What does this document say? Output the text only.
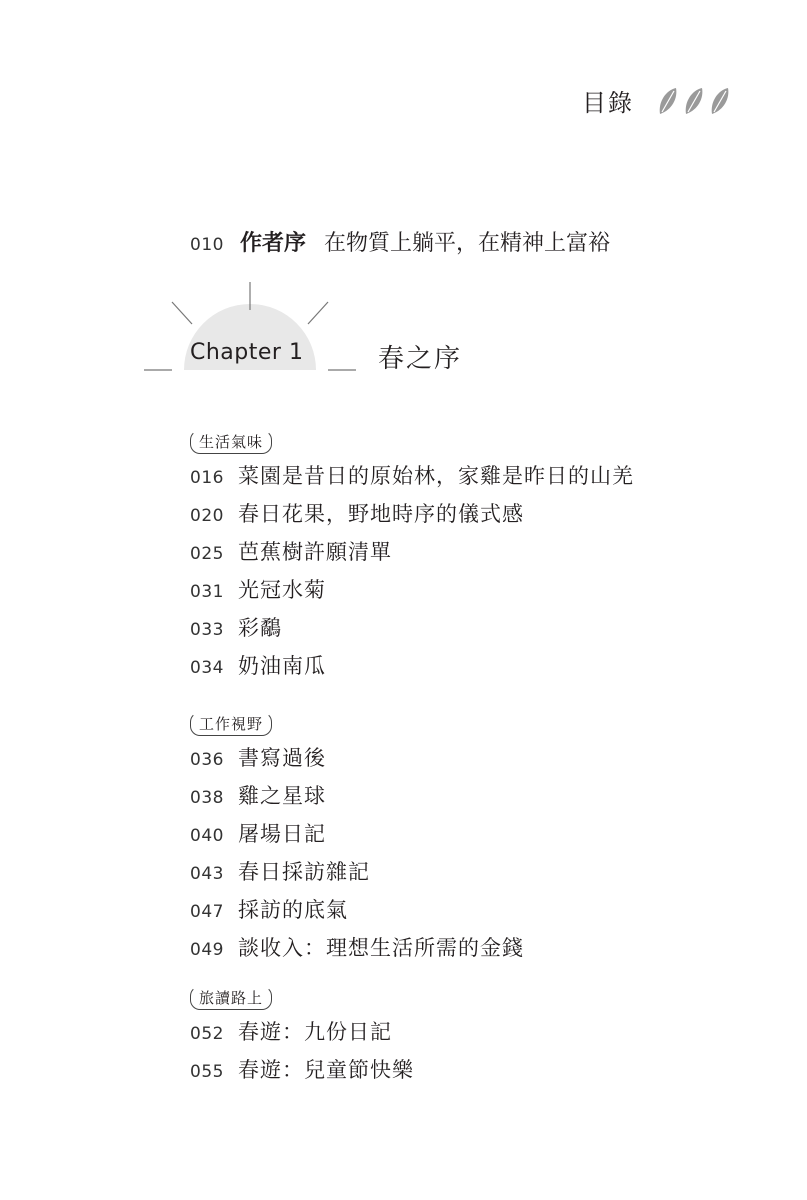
目錄
010 作者序 在物質上躺平，在精神上富裕
Chapter 1	春之序
生活氣味
016 菜園是昔日的原始林，家雞是昨日的山羌
020 春日花果，野地時序的儀式感
025 芭蕉樹許願清單
031 光冠水菊
033 彩鷸
034 奶油南瓜
工作視野
036 書寫過後
038 雞之星球
040 屠場日記
043 春日採訪雜記
047 採訪的底氣
049 談收入：理想生活所需的金錢
旅讀路上
052 春遊：九份日記
055 春遊：兒童節快樂
